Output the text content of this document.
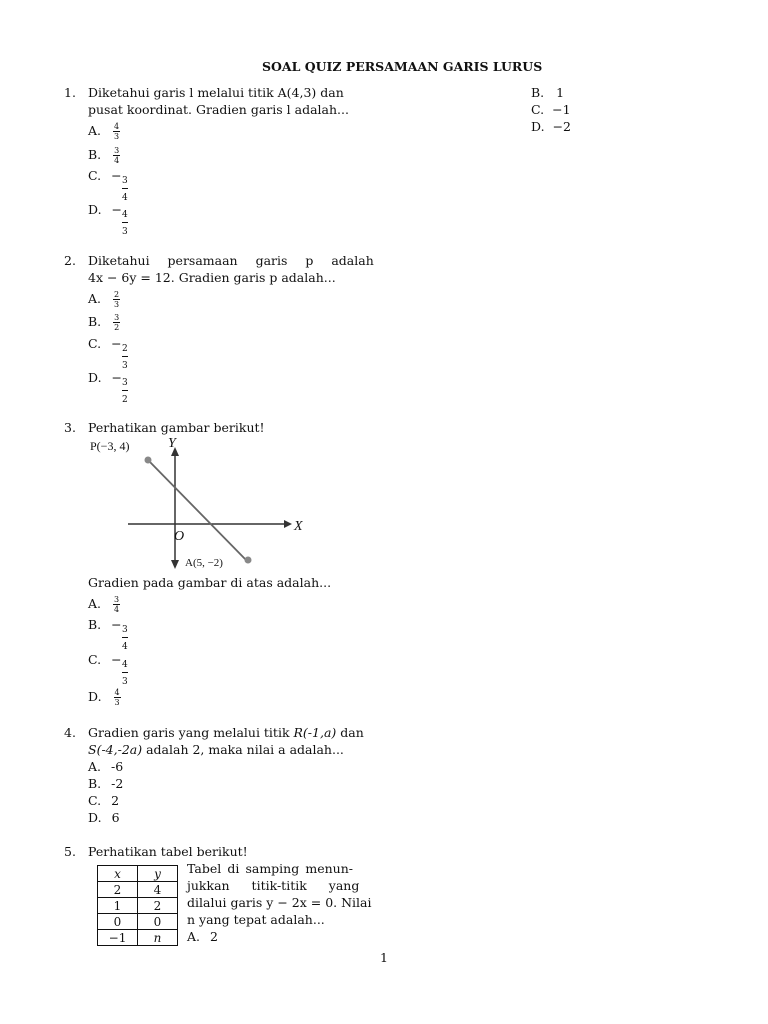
SOAL QUIZ PERSAMAAN GARIS LURUS
1. Diketahui garis l melalui titik A(4,3) dan
pusat koordinat. Gradien garis l adalah...
A. $\frac{4}{3}$
B. $\frac{3}{4}$
C. − 3
4
D. − 4
3
B. 1
C. −1
D. −2
2. Diketahui persamaan garis p adalah
4x − 6y = 12. Gradien garis p adalah...
A. $\frac{2}{3}$
B. $\frac{3}{2}$
C. − 2
3
D. − 3
2
3. Perhatikan gambar berikut!
P(−3, 4)	Y
X
O
A(5, −2)
Gradien pada gambar di atas adalah...
A. $\frac{3}{4}$
B. − 3
4
C. − 4
3
D. $\frac{4}{3}$
4. Gradien garis yang melalui titik R(-1,a) dan
S(-4,-2a) adalah 2, maka nilai a adalah...
A. -6
B. -2
C. 2
D. 6
5. Perhatikan tabel berikut!
x	y
2	4
1	2
0	0
−1	n
Tabel di samping menun-
jukkan titik-titik yang
dilalui garis y − 2x = 0. Nilai
n yang tepat adalah...
A. 2
1
